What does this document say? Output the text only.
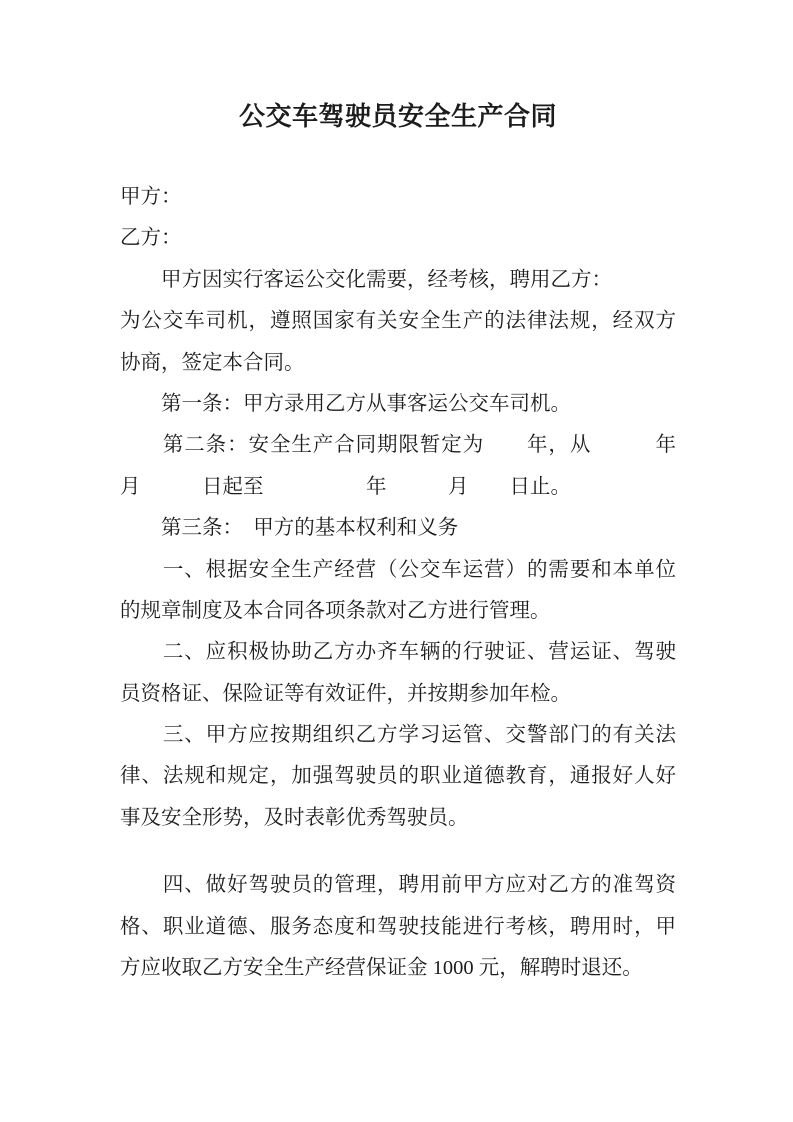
公交车驾驶员安全生产合同
甲方：
乙方：
　　甲方因实行客运公交化需要，经考核，聘用乙方：
为公交车司机，遵照国家有关安全生产的法律法规，经双方
协商，签定本合同。
　　第一条：甲方录用乙方从事客运公交车司机。
　　第二条：安全生产合同期限暂定为　　年，从　　　年
月　　　日起至　　　　　年　　　月　　日止。
　　第三条：　甲方的基本权利和义务
　　一、根据安全生产经营（公交车运营）的需要和本单位
的规章制度及本合同各项条款对乙方进行管理。
　　二、应积极协助乙方办齐车辆的行驶证、营运证、驾驶
员资格证、保险证等有效证件，并按期参加年检。
　　三、甲方应按期组织乙方学习运管、交警部门的有关法
律、法规和规定，加强驾驶员的职业道德教育，通报好人好
事及安全形势，及时表彰优秀驾驶员。
　　四、做好驾驶员的管理，聘用前甲方应对乙方的准驾资
格、职业道德、服务态度和驾驶技能进行考核，聘用时，甲
方应收取乙方安全生产经营保证金 1000 元，解聘时退还。
